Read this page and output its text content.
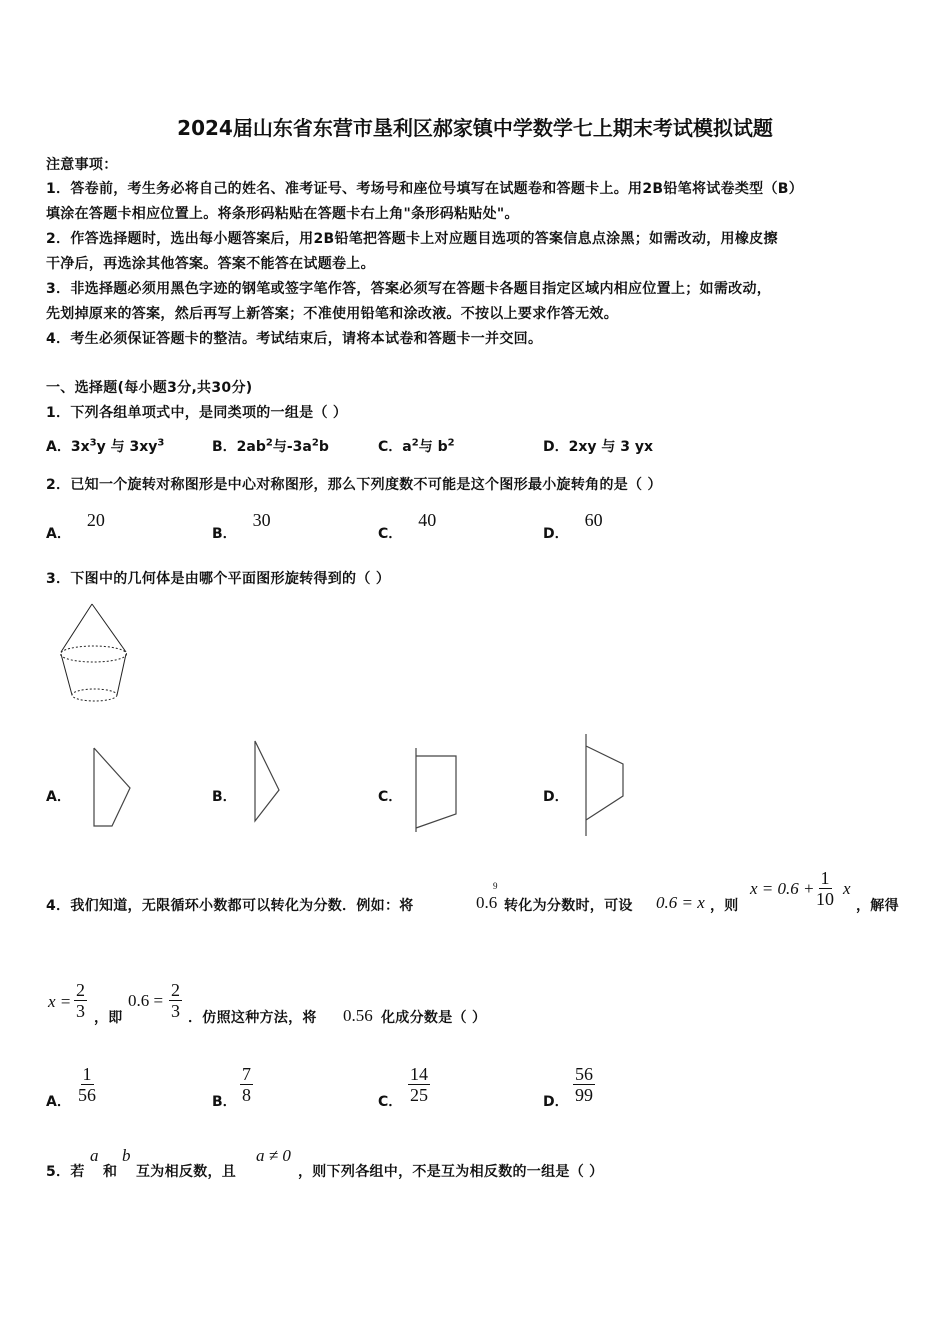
2024届山东省东营市垦利区郝家镇中学数学七上期末考试模拟试题
注意事项：
1．答卷前，考生务必将自己的姓名、准考证号、考场号和座位号填写在试题卷和答题卡上。用2B铅笔将试卷类型（B）
填涂在答题卡相应位置上。将条形码粘贴在答题卡右上角"条形码粘贴处"。
2．作答选择题时，选出每小题答案后，用2B铅笔把答题卡上对应题目选项的答案信息点涂黑；如需改动，用橡皮擦
干净后，再选涂其他答案。答案不能答在试题卷上。
3．非选择题必须用黑色字迹的钢笔或签字笔作答，答案必须写在答题卡各题目指定区域内相应位置上；如需改动，
先划掉原来的答案，然后再写上新答案；不准使用铅笔和涂改液。不按以上要求作答无效。
4．考生必须保证答题卡的整洁。考试结束后，请将本试卷和答题卡一并交回。
一、选择题(每小题3分,共30分)
1．下列各组单项式中，是同类项的一组是（ ）
A．$3x^3y$ 与 $3xy^3$	B．$2ab^2$与$-3a^2b$	C．$a^2$与 $b^2$	D．2xy 与 3 yx
2．已知一个旋转对称图形是中心对称图形，那么下列度数不可能是这个图形最小旋转角的是（ ）
A．20
B．30
C．40
D．60
3．下图中的几何体是由哪个平面图形旋转得到的（ ）
A．	B．	C．	D．
4．我们知道，无限循环小数都可以转化为分数．例如：将	0.6
9
转化为分数时，可设 0.6 = x ，则
$x = 0.6 + \frac{1}{10}$ x
，解得
$x = \frac{2}{3}$ ，即
$0.6 = \frac{2}{3}$ ．仿照这种方法，将 0.56 化成分数是（ ）
A． $\frac{1}{56}$	B． $\frac{7}{8}$	C． $\frac{14}{25}$	D． $\frac{56}{99}$
5．若
a
和
b
互为相反数，且
a ≠ 0
，则下列各组中，不是互为相反数的一组是（ ）
